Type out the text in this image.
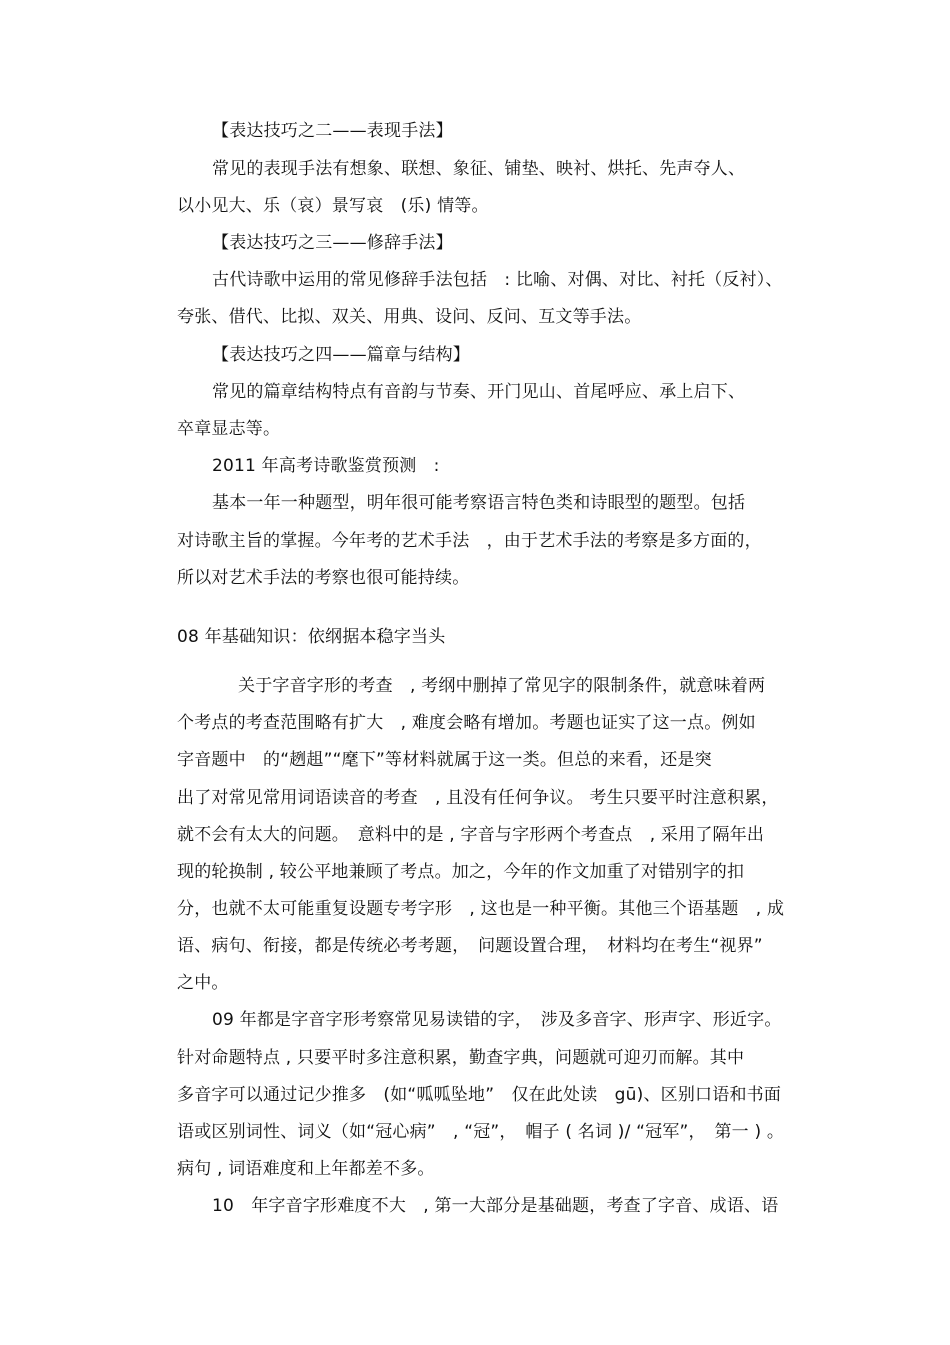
【表达技巧之二——表现手法】
常见的表现手法有想象、联想、象征、铺垫、映衬、烘托、先声夺人、
以小见大、乐（哀）景写哀　(乐) 情等。
【表达技巧之三——修辞手法】
古代诗歌中运用的常见修辞手法包括　: 比喻、对偶、对比、衬托（反衬）、
夸张、借代、比拟、双关、用典、设问、反问、互文等手法。
【表达技巧之四——篇章与结构】
常见的篇章结构特点有音韵与节奏、开门见山、首尾呼应、承上启下、
卒章显志等。
2011 年高考诗歌鉴赏预测　:
基本一年一种题型，明年很可能考察语言特色类和诗眼型的题型。包括
对诗歌主旨的掌握。今年考的艺术手法　，由于艺术手法的考察是多方面的，
所以对艺术手法的考察也很可能持续。
08 年基础知识：依纲据本稳字当头
关于字音字形的考查　, 考纲中删掉了常见字的限制条件，就意味着两
个考点的考查范围略有扩大　, 难度会略有增加。考题也证实了这一点。例如
字音题中　的“趔趄”“麾下”等材料就属于这一类。但总的来看，还是突
出了对常见常用词语读音的考查　, 且没有任何争议。 考生只要平时注意积累，
就不会有太大的问题。　意料中的是 , 字音与字形两个考查点　, 采用了隔年出
现的轮换制 , 较公平地兼顾了考点。加之，今年的作文加重了对错别字的扣
分，也就不太可能重复设题专考字形　, 这也是一种平衡。其他三个语基题　, 成
语、病句、衔接，都是传统必考考题，　问题设置合理，　材料均在考生“视界”
之中。
09 年都是字音字形考察常见易读错的字，　涉及多音字、形声字、形近字。
针对命题特点 , 只要平时多注意积累，勤查字典，问题就可迎刃而解。其中
多音字可以通过记少推多　(如“呱呱坠地”　仅在此处读　gū)、区别口语和书面
语或区别词性、词义（如“冠心病”　, “冠”，　帽子 ( 名词 )/ “冠军”，　第一 ) 。
病句 , 词语难度和上年都差不多。
10　年字音字形难度不大　, 第一大部分是基础题，考查了字音、成语、语
